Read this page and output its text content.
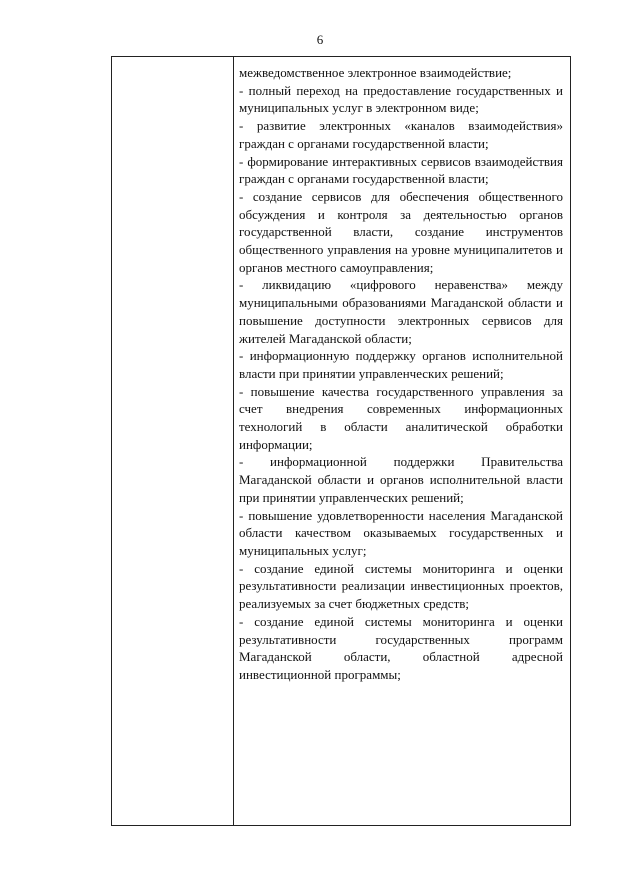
6

межведомственное электронное взаимодействие;

- полный переход на предоставление государственных и муниципальных услуг в электронном виде;

- развитие электронных «каналов взаимодействия» граждан с органами государственной власти;

- формирование интерактивных сервисов взаимодействия граждан с органами государственной власти;

- создание сервисов для обеспечения общественного обсуждения и контроля за деятельностью органов государственной власти, создание инструментов общественного управления на уровне муниципалитетов и органов местного самоуправления;

- ликвидацию «цифрового неравенства» между муниципальными образованиями Магаданской области и повышение доступности электронных сервисов для жителей Магаданской области;

- информационную поддержку органов исполнительной власти при принятии управленческих решений;

- повышение качества государственного управления за счет внедрения современных информационных технологий в области аналитической обработки информации;

- информационной поддержки Правительства Магаданской области и органов исполнительной власти при принятии управленческих решений;

- повышение удовлетворенности населения Магаданской области качеством оказываемых государственных и муниципальных услуг;

- создание единой системы мониторинга и оценки результативности реализации инвестиционных проектов, реализуемых за счет бюджетных средств;

- создание единой системы мониторинга и оценки результативности государственных программ Магаданской области, областной адресной инвестиционной программы;
